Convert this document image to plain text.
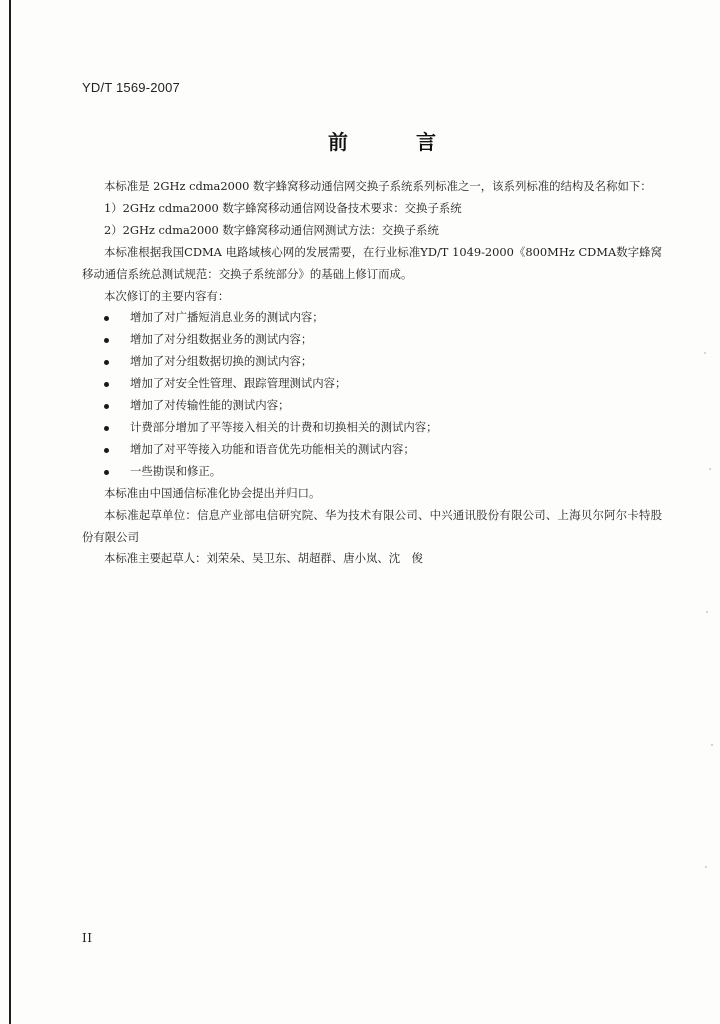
YD/T 1569-2007
前　言

本标准是 2GHz cdma2000 数字蜂窝移动通信网交换子系统系列标准之一，该系列标准的结构及名称如下：

1）2GHz cdma2000 数字蜂窝移动通信网设备技术要求：交换子系统

2）2GHz cdma2000 数字蜂窝移动通信网测试方法：交换子系统

本标准根据我国CDMA 电路域核心网的发展需要，在行业标准YD/T 1049-2000《800MHz CDMA数字蜂窝移动通信系统总测试规范：交换子系统部分》的基础上修订而成。

本次修订的主要内容有：

增加了对广播短消息业务的测试内容；
增加了对分组数据业务的测试内容；
增加了对分组数据切换的测试内容；
增加了对安全性管理、跟踪管理测试内容；
增加了对传输性能的测试内容；
计费部分增加了平等接入相关的计费和切换相关的测试内容；
增加了对平等接入功能和语音优先功能相关的测试内容；
一些勘误和修正。

本标准由中国通信标准化协会提出并归口。

本标准起草单位：信息产业部电信研究院、华为技术有限公司、中兴通讯股份有限公司、上海贝尔阿尔卡特股份有限公司

本标准主要起草人：刘荣朵、吴卫东、胡超群、唐小岚、沈　俊

II
